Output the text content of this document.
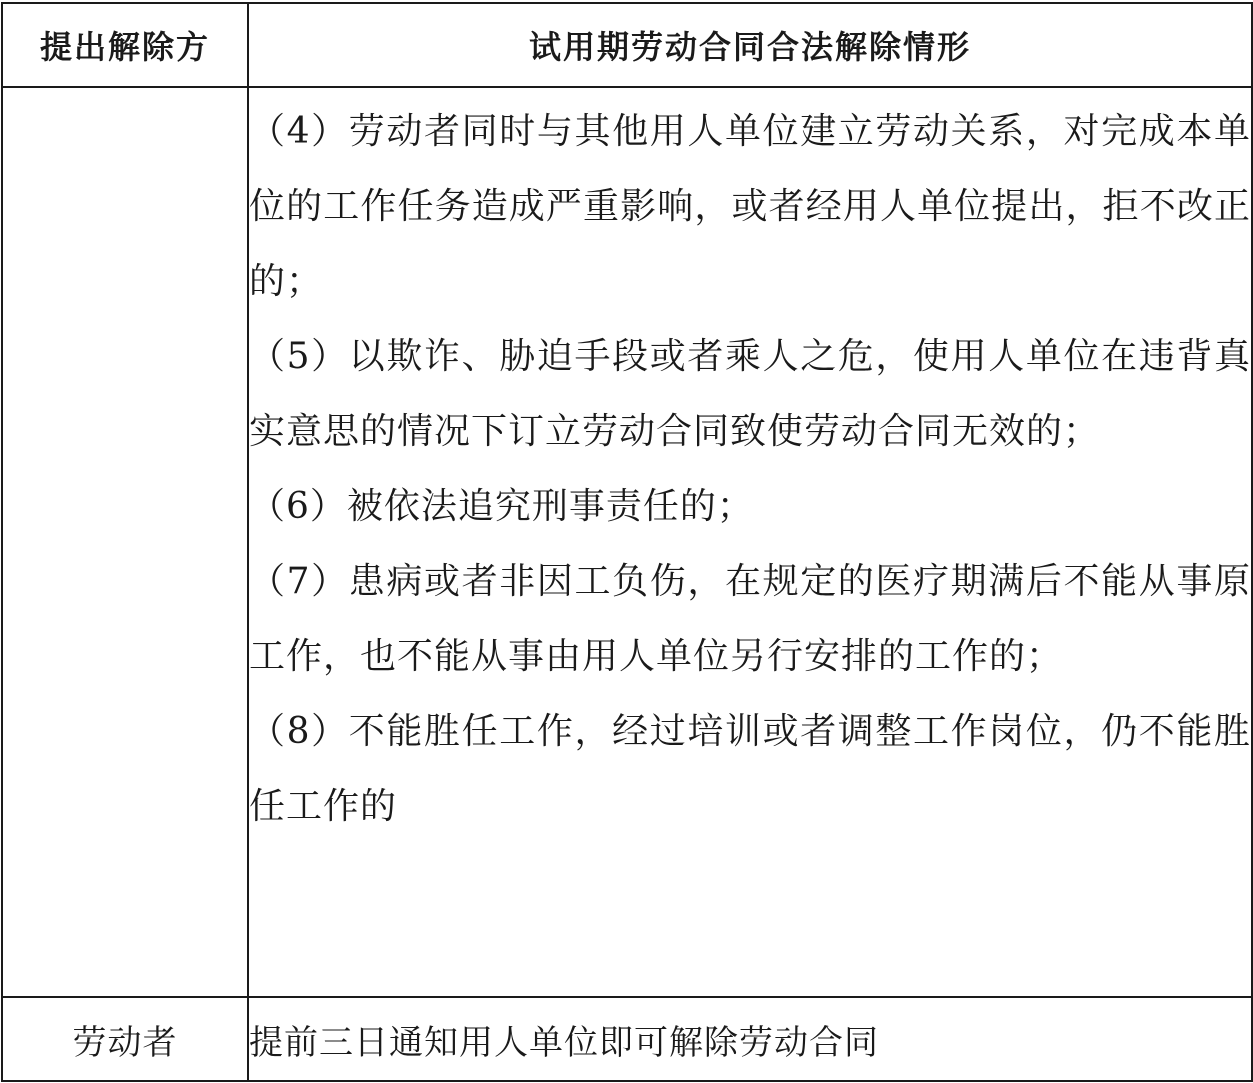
提出解除方	试用期劳动合同合法解除情形

	（4）劳动者同时与其他用人单位建立劳动关系，对完成本单位的工作任务造成严重影响，或者经用人单位提出，拒不改正的；
（5）以欺诈、胁迫手段或者乘人之危，使用人单位在违背真实意思的情况下订立劳动合同致使劳动合同无效的；
（6）被依法追究刑事责任的；
（7）患病或者非因工负伤，在规定的医疗期满后不能从事原工作，也不能从事由用人单位另行安排的工作的；
（8）不能胜任工作，经过培训或者调整工作岗位，仍不能胜任工作的

劳动者	提前三日通知用人单位即可解除劳动合同
